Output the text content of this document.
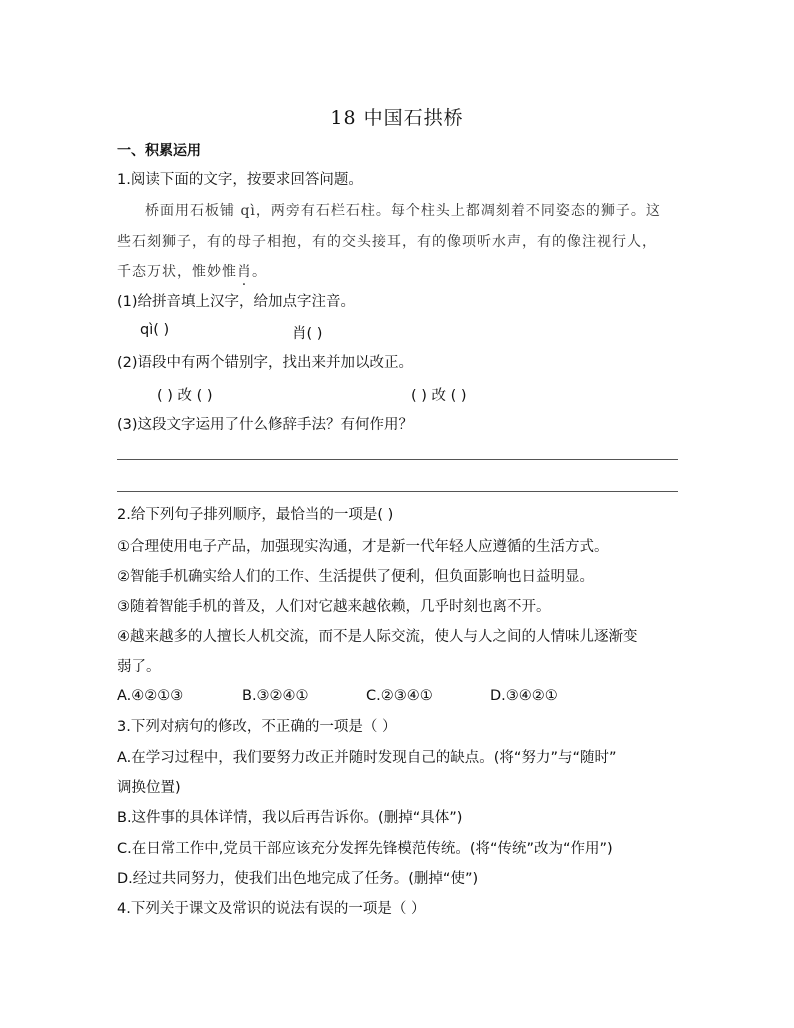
18 中国石拱桥
一、积累运用
1.阅读下面的文字，按要求回答问题。
桥面用石板铺 qì，两旁有石栏石柱。每个柱头上都凋刻着不同姿态的狮子。这
些石刻狮子，有的母子相抱，有的交头接耳，有的像项听水声，有的像注视行人，
千态万状，惟妙惟肖。
(1)给拼音填上汉字，给加点字注音。
qì( )	肖( )
(2)语段中有两个错别字，找出来并加以改正。
( ) 改 ( )	( ) 改 ( )
(3)这段文字运用了什么修辞手法？有何作用？
2.给下列句子排列顺序，最恰当的一项是( )
①合理使用电子产品，加强现实沟通，才是新一代年轻人应遵循的生活方式。
②智能手机确实给人们的工作、生活提供了便利，但负面影响也日益明显。
③随着智能手机的普及，人们对它越来越依赖，几乎时刻也离不开。
④越来越多的人擅长人机交流，而不是人际交流，使人与人之间的人情味儿逐渐变
弱了。
A.④②①③	B.③②④①	C.②③④①	D.③④②①
3.下列对病句的修改，不正确的一项是（ ）
A.在学习过程中，我们要努力改正并随时发现自己的缺点。(将“努力”与“随时”
调换位置)
B.这件事的具体详情，我以后再告诉你。(删掉“具体”)
C.在日常工作中,党员干部应该充分发挥先锋模范传统。(将“传统”改为“作用”)
D.经过共同努力，使我们出色地完成了任务。(删掉“使”)
4.下列关于课文及常识的说法有误的一项是（ ）
